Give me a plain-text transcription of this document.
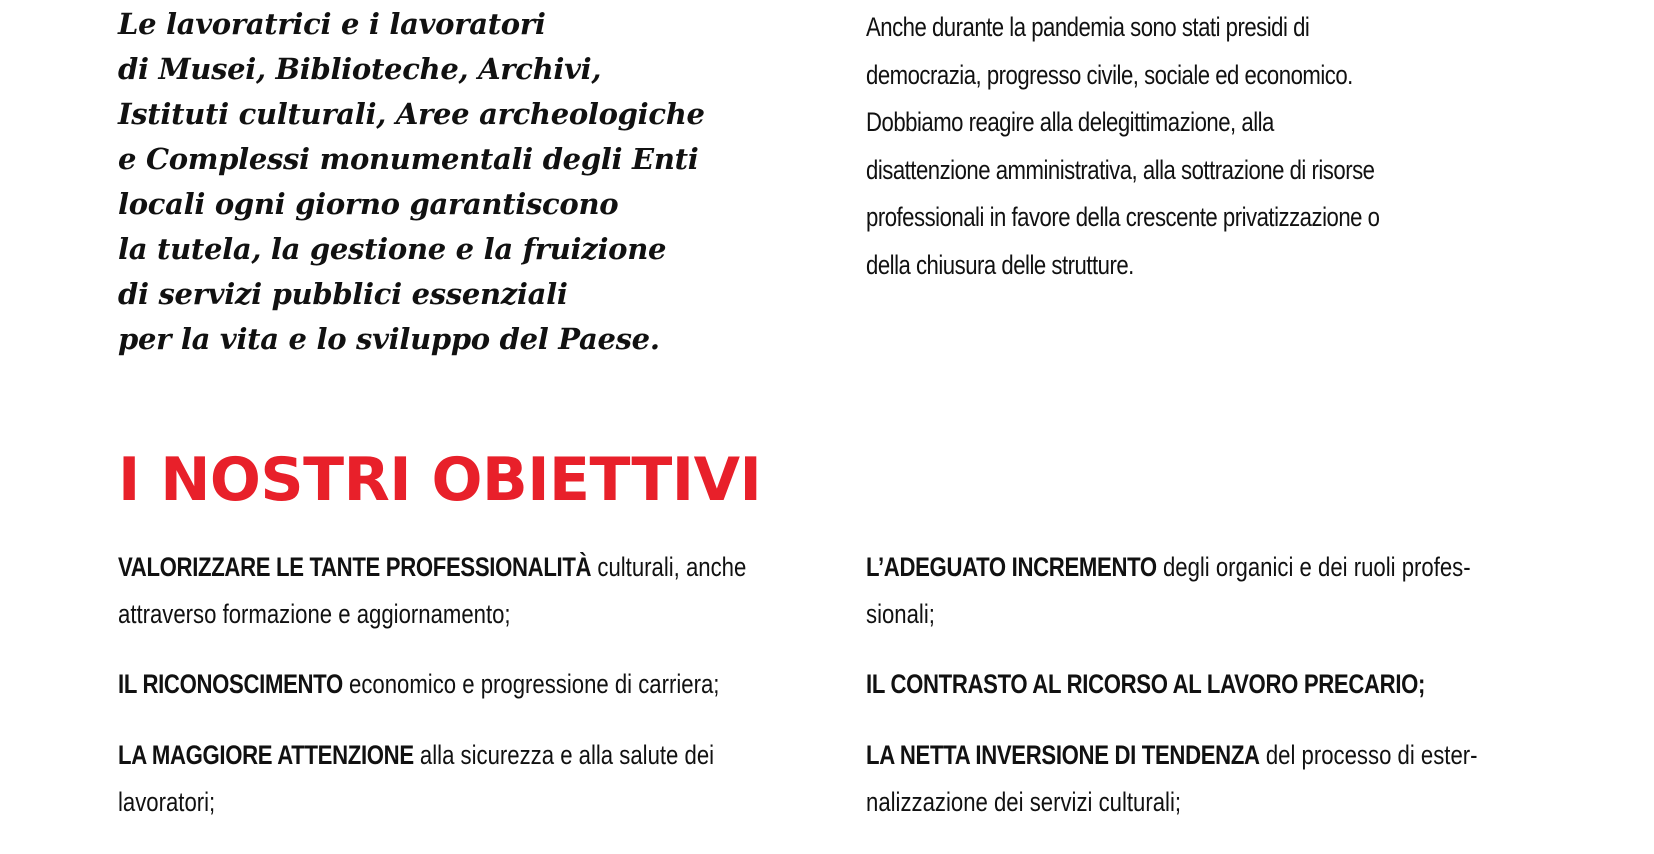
Le lavoratrici e i lavoratori
di Musei, Biblioteche, Archivi,
Istituti culturali, Aree archeologiche
e Complessi monumentali degli Enti
locali ogni giorno garantiscono
la tutela, la gestione e la fruizione
di servizi pubblici essenziali
per la vita e lo sviluppo del Paese.

Anche durante la pandemia sono stati presidi di
democrazia, progresso civile, sociale ed economico.
Dobbiamo reagire alla delegittimazione, alla
disattenzione amministrativa, alla sottrazione di risorse
professionali in favore della crescente privatizzazione o
della chiusura delle strutture.

I NOSTRI OBIETTIVI

VALORIZZARE LE TANTE PROFESSIONALITÀ culturali, anche
attraverso formazione e aggiornamento;

IL RICONOSCIMENTO economico e progressione di carriera;

LA MAGGIORE ATTENZIONE alla sicurezza e alla salute dei
lavoratori;

L’ADEGUATO INCREMENTO degli organici e dei ruoli profes-
sionali;

IL CONTRASTO AL RICORSO AL LAVORO PRECARIO;

LA NETTA INVERSIONE DI TENDENZA del processo di ester-
nalizzazione dei servizi culturali;
